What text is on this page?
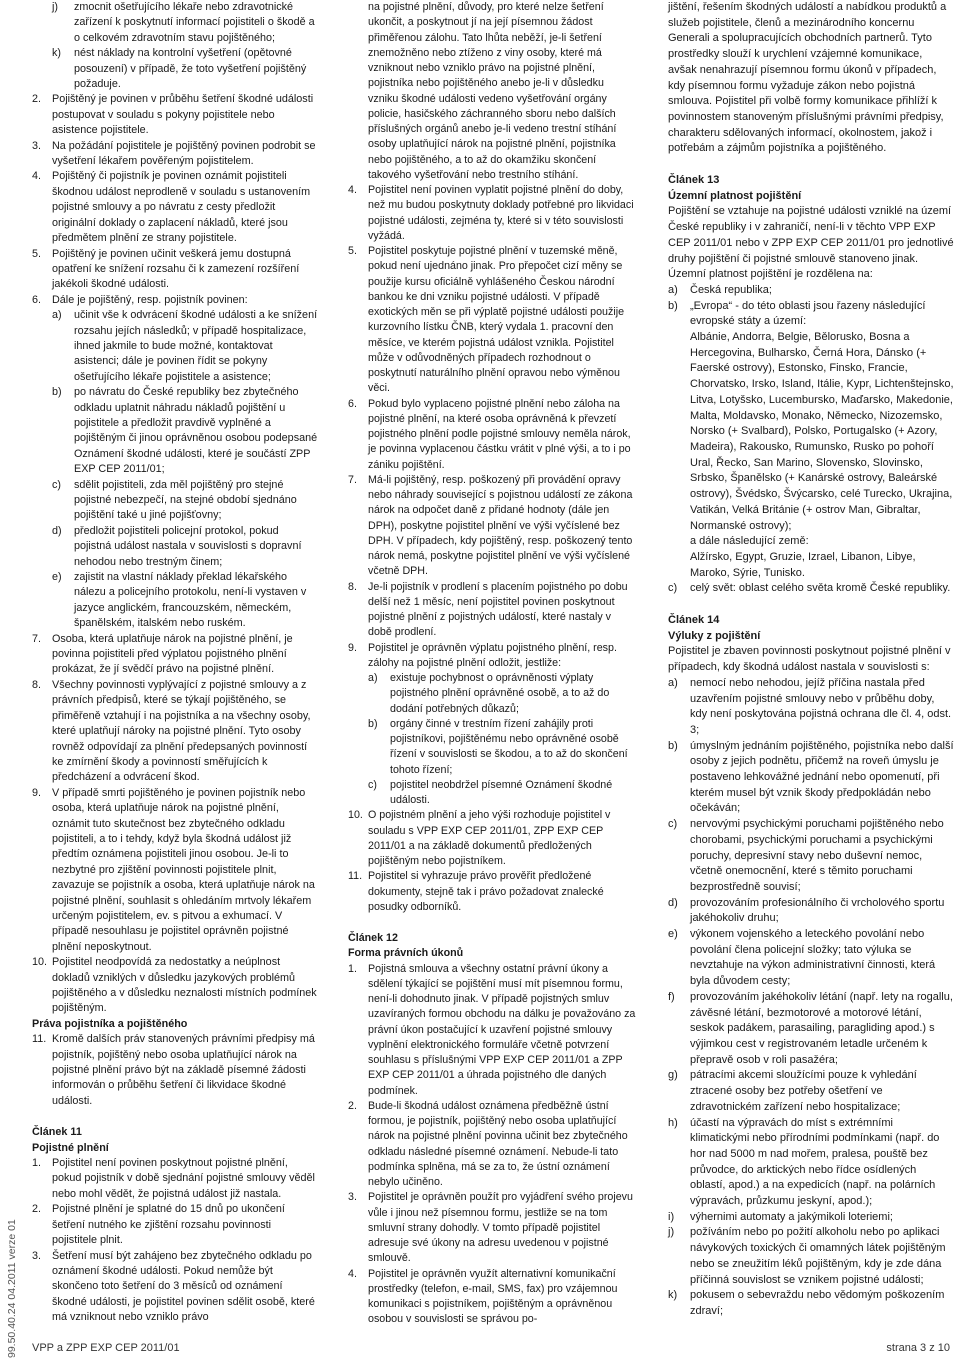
j)	zmocnit ošetřujícího lékaře nebo zdravotnické zařízení k poskytnutí informací pojistiteli o škodě a o celkovém zdravotním stavu pojištěného;
k)	nést náklady na kontrolní vyšetření (opětovné posouzení) v případě, že toto vyšetření pojištěný požaduje.
2.	Pojištěný je povinen v průběhu šetření škodné události postupovat v souladu s pokyny pojistitele nebo asistence pojistitele.
3.	Na požádání pojistitele je pojištěný povinen podrobit se vyšetření lékařem pověřeným pojistitelem.
4.	Pojištěný či pojistník je povinen oznámit pojistiteli škodnou událost neprodleně v souladu s ustanovením pojistné smlouvy a po návratu z cesty předložit originální doklady o zaplacení nákladů, které jsou předmětem plnění ze strany pojistitele.
5.	Pojištěný je povinen učinit veškerá jemu dostupná opatření ke snížení rozsahu či k zamezení rozšíření jakékoli škodné události.
6.	Dále je pojištěný, resp. pojistník povinen:
a)	učinit vše k odvrácení škodné události a ke snížení rozsahu jejích následků; v případě hospitalizace, ihned jakmile to bude možné, kontaktovat asistenci; dále je povinen řídit se pokyny ošetřujícího lékaře pojistitele a asistence;
b)	po návratu do České republiky bez zbytečného odkladu uplatnit náhradu nákladů pojištění u pojistitele a předložit pravdivě vyplněné a pojištěným či jinou oprávněnou osobou podepsané Oznámení škodné události, které je součástí ZPP EXP CEP 2011/01;
c)	sdělit pojistiteli, zda měl pojištěný pro stejné pojistné nebezpečí, na stejné období sjednáno pojištění také u jiné pojišťovny;
d)	předložit pojistiteli policejní protokol, pokud pojistná událost nastala v souvislosti s dopravní nehodou nebo trestným činem;
e)	zajistit na vlastní náklady překlad lékařského nálezu a policejního protokolu, není-li vystaven v jazyce anglickém, francouzském, německém, španělském, italském nebo ruském.
7.	Osoba, která uplatňuje nárok na pojistné plnění, je povinna pojistiteli před výplatou pojistného plnění prokázat, že jí svědčí právo na pojistné plnění.
8.	Všechny povinnosti vyplývající z pojistné smlouvy a z právních předpisů, které se týkají pojištěného, se přiměřeně vztahují i na pojistníka a na všechny osoby, které uplatňují nároky na pojistné plnění. Tyto osoby rovněž odpovídají za plnění předepsaných povinností ke zmírnění škody a povinností směřujících k předcházení a odvrácení škod.
9.	V případě smrti pojištěného je povinen pojistník nebo osoba, která uplatňuje nárok na pojistné plnění, oznámit tuto skutečnost bez zbytečného odkladu pojistiteli, a to i tehdy, když byla škodná událost již předtím oznámena pojistiteli jinou osobou. Je-li to nezbytné pro zjištění povinnosti pojistitele plnit, zavazuje se pojistník a osoba, která uplatňuje nárok na pojistné plnění, souhlasit s ohledáním mrtvoly lékařem určeným pojistitelem, ev. s pitvou a exhumací. V případě nesouhlasu je pojistitel oprávněn pojistné plnění neposkytnout.
10. Pojistitel neodpovídá za nedostatky a neúplnost dokladů vzniklých v důsledku jazykových problémů pojištěného a v důsledku neznalosti místních podmínek pojištěným.
Práva pojistníka a pojištěného
11. Kromě dalších práv stanovených právními předpisy má pojistník, pojištěný nebo osoba uplatňující nárok na pojistné plnění právo být na základě písemné žádosti informován o průběhu šetření či likvidace škodné události.
Článek 11
Pojistné plnění
1.	Pojistitel není povinen poskytnout pojistné plnění, pokud pojistník v době sjednání pojistné smlouvy věděl nebo mohl vědět, že pojistná událost již nastala.
2.	Pojistné plnění je splatné do 15 dnů po ukončení šetření nutného ke zjištění rozsahu povinnosti pojistitele plnit.
3.	Šetření musí být zahájeno bez zbytečného odkladu po oznámení škodné události. Pokud nemůže být skončeno toto šetření do 3 měsíců od oznámení škodné události, je pojistitel povinen sdělit osobě, které má vzniknout nebo vzniklo právo
na pojistné plnění, důvody, pro které nelze šetření ukončit, a poskytnout jí na její písemnou žádost přiměřenou zálohu. Tato lhůta neběží, je-li šetření znemožněno nebo ztíženo z viny osoby, které má vzniknout nebo vzniklo právo na pojistné plnění, pojistníka nebo pojištěného anebo je-li v důsledku vzniku škodné události vedeno vyšetřování orgány policie, hasičského záchranného sboru nebo dalších příslušných orgánů anebo je-li vedeno trestní stíhání osoby uplatňující nárok na pojistné plnění, pojistníka nebo pojištěného, a to až do okamžiku skončení takového vyšetřování nebo trestního stíhání.
4.	Pojistitel není povinen vyplatit pojistné plnění do doby, než mu budou poskytnuty doklady potřebné pro likvidaci pojistné události, zejména ty, které si v této souvislosti vyžádá.
5.	Pojistitel poskytuje pojistné plnění v tuzemské měně, pokud není ujednáno jinak. Pro přepočet cizí měny se použije kursu oficiálně vyhlášeného Českou národní bankou ke dni vzniku pojistné události. V případě exotických měn se při výplatě pojistné události použije kurzovního lístku ČNB, který vydala 1. pracovní den měsíce, ve kterém pojistná událost vznikla. Pojistitel může v odůvodněných případech rozhodnout o poskytnutí naturálního plnění opravou nebo výměnou věci.
6.	Pokud bylo vyplaceno pojistné plnění nebo záloha na pojistné plnění, na které osoba oprávněná k převzetí pojistného plnění podle pojistné smlouvy neměla nárok, je povinna vyplacenou částku vrátit v plné výši, a to i po zániku pojištění.
7.	Má-li pojištěný, resp. poškozený při provádění opravy nebo náhrady související s pojistnou událostí ze zákona nárok na odpočet daně z přidané hodnoty (dále jen DPH), poskytne pojistitel plnění ve výši vyčíslené bez DPH. V případech, kdy pojištěný, resp. poškozený tento nárok nemá, poskytne pojistitel plnění ve výši vyčíslené včetně DPH.
8.	Je-li pojistník v prodlení s placením pojistného po dobu delší než 1 měsíc, není pojistitel povinen poskytnout pojistné plnění z pojistných událostí, které nastaly v době prodlení.
9.	Pojistitel je oprávněn výplatu pojistného plnění, resp. zálohy na pojistné plnění odložit, jestliže:
a)	existuje pochybnost o oprávněnosti výplaty pojistného plnění oprávněné osobě, a to až do dodání potřebných důkazů;
b)	orgány činné v trestním řízení zahájily proti pojistníkovi, pojištěnému nebo oprávněné osobě řízení v souvislosti se škodou, a to až do skončení tohoto řízení;
c)	pojistitel neobdržel písemné Oznámení škodné události.
10. O pojistném plnění a jeho výši rozhoduje pojistitel v souladu s VPP EXP CEP 2011/01, ZPP EXP CEP 2011/01 a na základě dokumentů předložených pojištěným nebo pojistníkem.
11. Pojistitel si vyhrazuje právo prověřit předložené dokumenty, stejně tak i právo požadovat znalecké posudky odborníků.
Článek 12
Forma právních úkonů
1.	Pojistná smlouva a všechny ostatní právní úkony a sdělení týkající se pojištění musí mít písemnou formu, není-li dohodnuto jinak. V případě pojistných smluv uzavíraných formou obchodu na dálku je považováno za právní úkon postačující k uzavření pojistné smlouvy vyplnění elektronického formuláře včetně potvrzení souhlasu s příslušnými VPP EXP CEP 2011/01 a ZPP EXP CEP 2011/01 a úhrada pojistného dle daných podmínek.
2.	Bude-li škodná událost oznámena předběžně ústní formou, je pojistník, pojištěný nebo osoba uplatňující nárok na pojistné plnění povinna učinit bez zbytečného odkladu následné písemné oznámení. Nebude-li tato podmínka splněna, má se za to, že ústní oznámení nebylo učiněno.
3.	Pojistitel je oprávněn použít pro vyjádření svého projevu vůle i jinou než písemnou formu, jestliže se na tom smluvní strany dohodly. V tomto případě pojistitel adresuje své úkony na adresu uvedenou v pojistné smlouvě.
4.	Pojistitel je oprávněn využít alternativní komunikační prostředky (telefon, e-mail, SMS, fax) pro vzájemnou komunikaci s pojistníkem, pojištěným a oprávněnou osobou v souvislosti se správou po-
jištění, řešením škodných událostí a nabídkou produktů a služeb pojistitele, členů a mezinárodního koncernu Generali a spolupracujících obchodních partnerů. Tyto prostředky slouží k urychlení vzájemné komunikace, avšak nenahrazují písemnou formu úkonů v případech, kdy písemnou formu vyžaduje zákon nebo pojistná smlouva. Pojistitel při volbě formy komunikace přihlíží k povinnostem stanoveným příslušnými právními předpisy, charakteru sdělovaných informací, okolnostem, jakož i potřebám a zájmům pojistníka a pojištěného.
Článek 13
Územní platnost pojištění
Pojištění se vztahuje na pojistné události vzniklé na území České republiky i v zahraničí, není-li v těchto VPP EXP CEP 2011/01 nebo v ZPP EXP CEP 2011/01 pro jednotlivé druhy pojištění či pojistné smlouvě stanoveno jinak.
Územní platnost pojištění je rozdělena na:
a)	Česká republika;
b)	„Evropa“ - do této oblasti jsou řazeny následující evropské státy a území:
Albánie, Andorra, Belgie, Bělorusko, Bosna a Hercegovina, Bulharsko, Černá Hora, Dánsko (+ Faerské ostrovy), Estonsko, Finsko, Francie, Chorvatsko, Irsko, Island, Itálie, Kypr, Lichtenštejnsko, Litva, Lotyšsko, Lucembursko, Maďarsko, Makedonie, Malta, Moldavsko, Monako, Německo, Nizozemsko, Norsko (+ Svalbard), Polsko, Portugalsko (+ Azory, Madeira), Rakousko, Rumunsko, Rusko po pohoří Ural, Řecko, San Marino, Slovensko, Slovinsko, Srbsko, Španělsko (+ Kanárské ostrovy, Baleárské ostrovy), Švédsko, Švýcarsko, celé Turecko, Ukrajina, Vatikán, Velká Británie (+ ostrov Man, Gibraltar, Normanské ostrovy);
a dále následující země:
Alžírsko, Egypt, Gruzie, Izrael, Libanon, Libye, Maroko, Sýrie, Tunisko.
c)	celý svět: oblast celého světa kromě České republiky.
Článek 14
Výluky z pojištění
Pojistitel je zbaven povinnosti poskytnout pojistné plnění v případech, kdy škodná událost nastala v souvislosti s:
a)	nemocí nebo nehodou, jejíž příčina nastala před uzavřením pojistné smlouvy nebo v průběhu doby, kdy není poskytována pojistná ochrana dle čl. 4, odst. 3;
b)	úmyslným jednáním pojištěného, pojistníka nebo další osoby z jejich podnětu, přičemž na roveň úmyslu je postaveno lehkovážné jednání nebo opomenutí, při kterém musel být vznik škody předpokládán nebo očekáván;
c)	nervovými psychickými poruchami pojištěného nebo chorobami, psychickými poruchami a psychickými poruchy, depresivní stavy nebo duševní nemoc, včetně onemocnění, které s těmito poruchami bezprostředně souvisí;
d)	provozováním profesionálního či vrcholového sportu jakéhokoliv druhu;
e)	výkonem vojenského a leteckého povolání nebo povolání člena policejní složky; tato výluka se nevztahuje na výkon administrativní činnosti, která byla důvodem cesty;
f)	provozováním jakéhokoliv létání (např. lety na rogallu, závěsné létání, bezmotorové a motorové létání, seskok padákem, parasailing, paragliding apod.) s výjimkou cest v registrovaném letadle určeném k přepravě osob v roli pasažéra;
g)	pátracími akcemi sloužícími pouze k vyhledání ztracené osoby bez potřeby ošetření ve zdravotnickém zařízení nebo hospitalizace;
h)	účastí na výpravách do míst s extrémními klimatickými nebo přírodními podmínkami (např. do hor nad 5000 m nad mořem, pralesa, pouště bez průvodce, do arktických nebo řídce osídlených oblastí, apod.) a na expedicích (např. na polárních výpravách, průzkumu jeskyní, apod.);
i)	výhernimi automaty a jakýmikoli loteriemi;
j)	požíváním nebo po požití alkoholu nebo po aplikaci návykových toxických či omamných látek pojištěným nebo se zneužitím léků pojištěným, kdy je zde dána příčinná souvislost se vznikem pojistné události;
k)	pokusem o sebevraždu nebo vědomým poškozením zdraví;
99.50.40.24 04.2011 verze 01 VPP a ZPP EXP CEP 2011/01	strana 3 z 10
